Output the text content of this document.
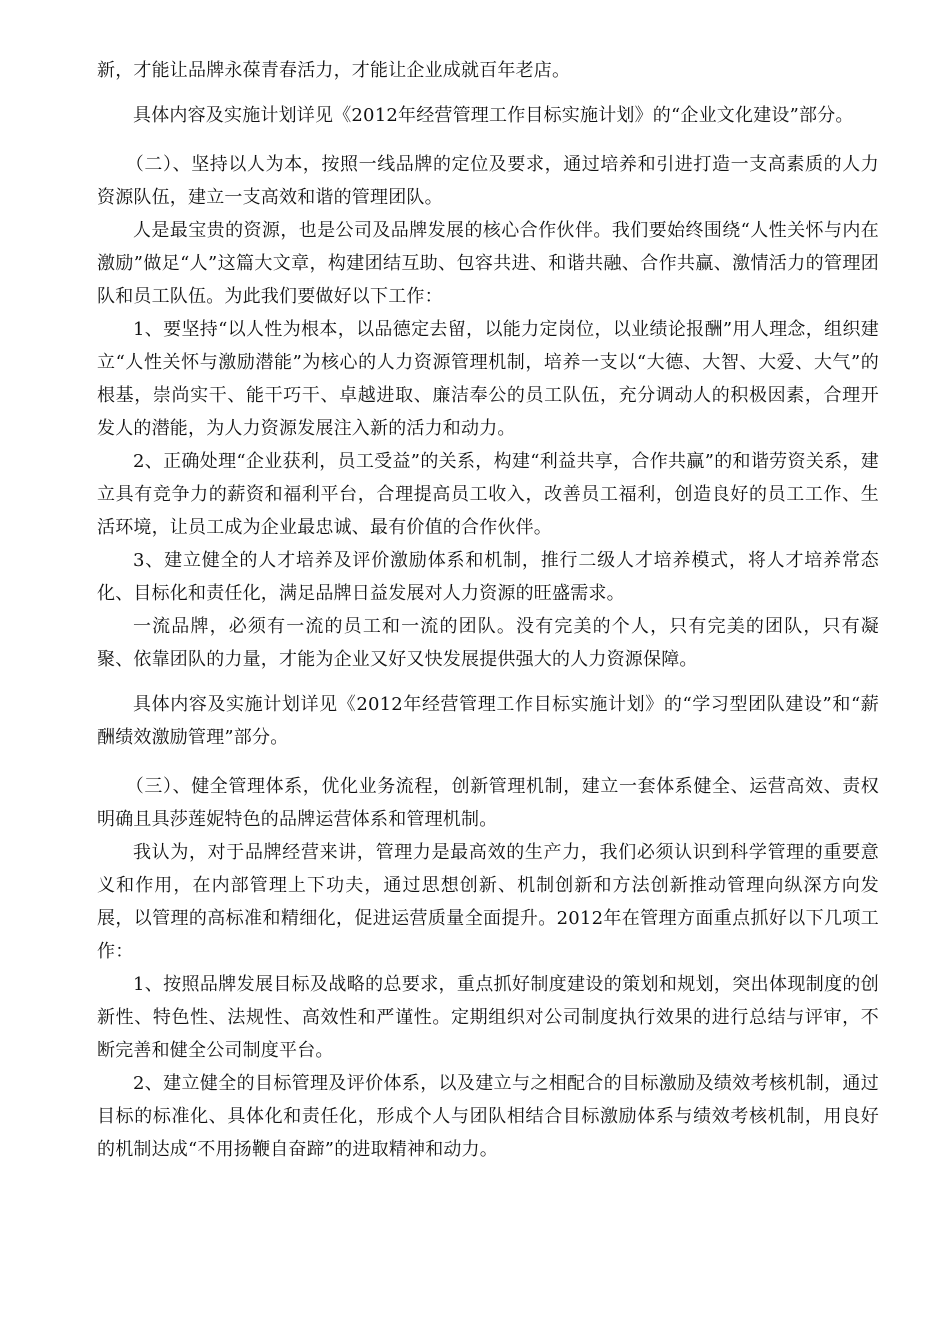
新，才能让品牌永葆青春活力，才能让企业成就百年老店。

具体内容及实施计划详见《2012年经营管理工作目标实施计划》的“企业文化建设”部分。

（二）、坚持以人为本，按照一线品牌的定位及要求，通过培养和引进打造一支高素质的人力资源队伍，建立一支高效和谐的管理团队。

人是最宝贵的资源，也是公司及品牌发展的核心合作伙伴。我们要始终围绕“人性关怀与内在激励”做足“人”这篇大文章，构建团结互助、包容共进、和谐共融、合作共赢、激情活力的管理团队和员工队伍。为此我们要做好以下工作：

1、要坚持“以人性为根本，以品德定去留，以能力定岗位，以业绩论报酬”用人理念，组织建立“人性关怀与激励潜能”为核心的人力资源管理机制，培养一支以“大德、大智、大爱、大气”的根基，崇尚实干、能干巧干、卓越进取、廉洁奉公的员工队伍，充分调动人的积极因素，合理开发人的潜能，为人力资源发展注入新的活力和动力。

2、正确处理“企业获利，员工受益”的关系，构建“利益共享，合作共赢”的和谐劳资关系，建立具有竞争力的薪资和福利平台，合理提高员工收入，改善员工福利，创造良好的员工工作、生活环境，让员工成为企业最忠诚、最有价值的合作伙伴。

3、建立健全的人才培养及评价激励体系和机制，推行二级人才培养模式，将人才培养常态化、目标化和责任化，满足品牌日益发展对人力资源的旺盛需求。

一流品牌，必须有一流的员工和一流的团队。没有完美的个人，只有完美的团队，只有凝聚、依靠团队的力量，才能为企业又好又快发展提供强大的人力资源保障。

具体内容及实施计划详见《2012年经营管理工作目标实施计划》的“学习型团队建设”和“薪酬绩效激励管理”部分。

（三）、健全管理体系，优化业务流程，创新管理机制，建立一套体系健全、运营高效、责权明确且具莎莲妮特色的品牌运营体系和管理机制。

我认为，对于品牌经营来讲，管理力是最高效的生产力，我们必须认识到科学管理的重要意义和作用，在内部管理上下功夫，通过思想创新、机制创新和方法创新推动管理向纵深方向发展，以管理的高标准和精细化，促进运营质量全面提升。2012年在管理方面重点抓好以下几项工作：

1、按照品牌发展目标及战略的总要求，重点抓好制度建设的策划和规划，突出体现制度的创新性、特色性、法规性、高效性和严谨性。定期组织对公司制度执行效果的进行总结与评审，不断完善和健全公司制度平台。

2、建立健全的目标管理及评价体系，以及建立与之相配合的目标激励及绩效考核机制，通过目标的标准化、具体化和责任化，形成个人与团队相结合目标激励体系与绩效考核机制，用良好的机制达成“不用扬鞭自奋蹄”的进取精神和动力。
